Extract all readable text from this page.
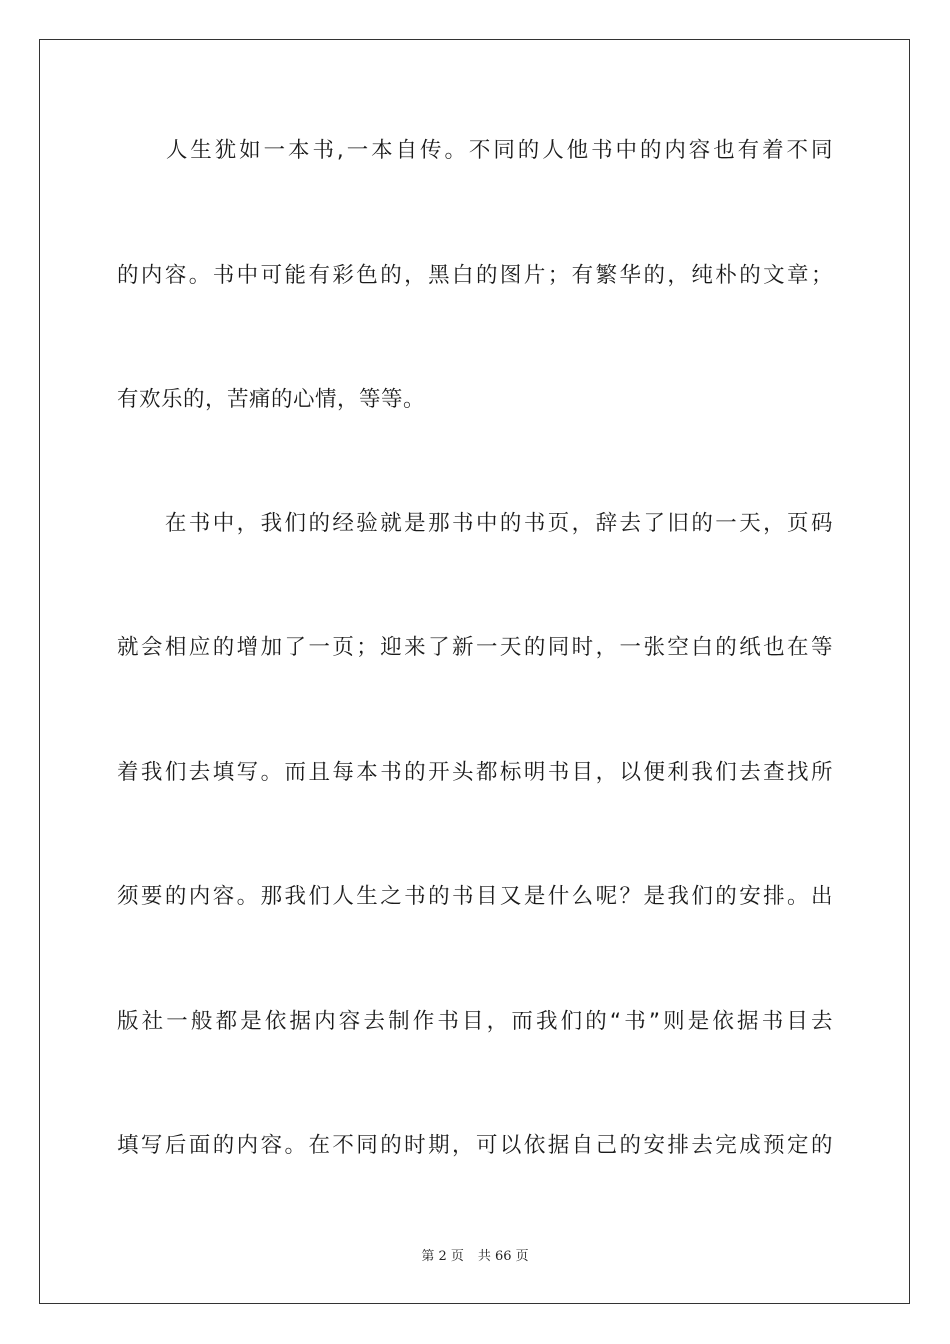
　　人生犹如一本书,一本自传。不同的人他书中的内容也有着不同
的内容。书中可能有彩色的，黑白的图片；有繁华的，纯朴的文章；
有欢乐的，苦痛的心情，等等。
　　在书中，我们的经验就是那书中的书页，辞去了旧的一天，页码
就会相应的增加了一页；迎来了新一天的同时，一张空白的纸也在等
着我们去填写。而且每本书的开头都标明书目，以便利我们去查找所
须要的内容。那我们人生之书的书目又是什么呢？是我们的安排。出
版社一般都是依据内容去制作书目，而我们的“书”则是依据书目去
填写后面的内容。在不同的时期，可以依据自己的安排去完成预定的
第 2 页 共 66 页
